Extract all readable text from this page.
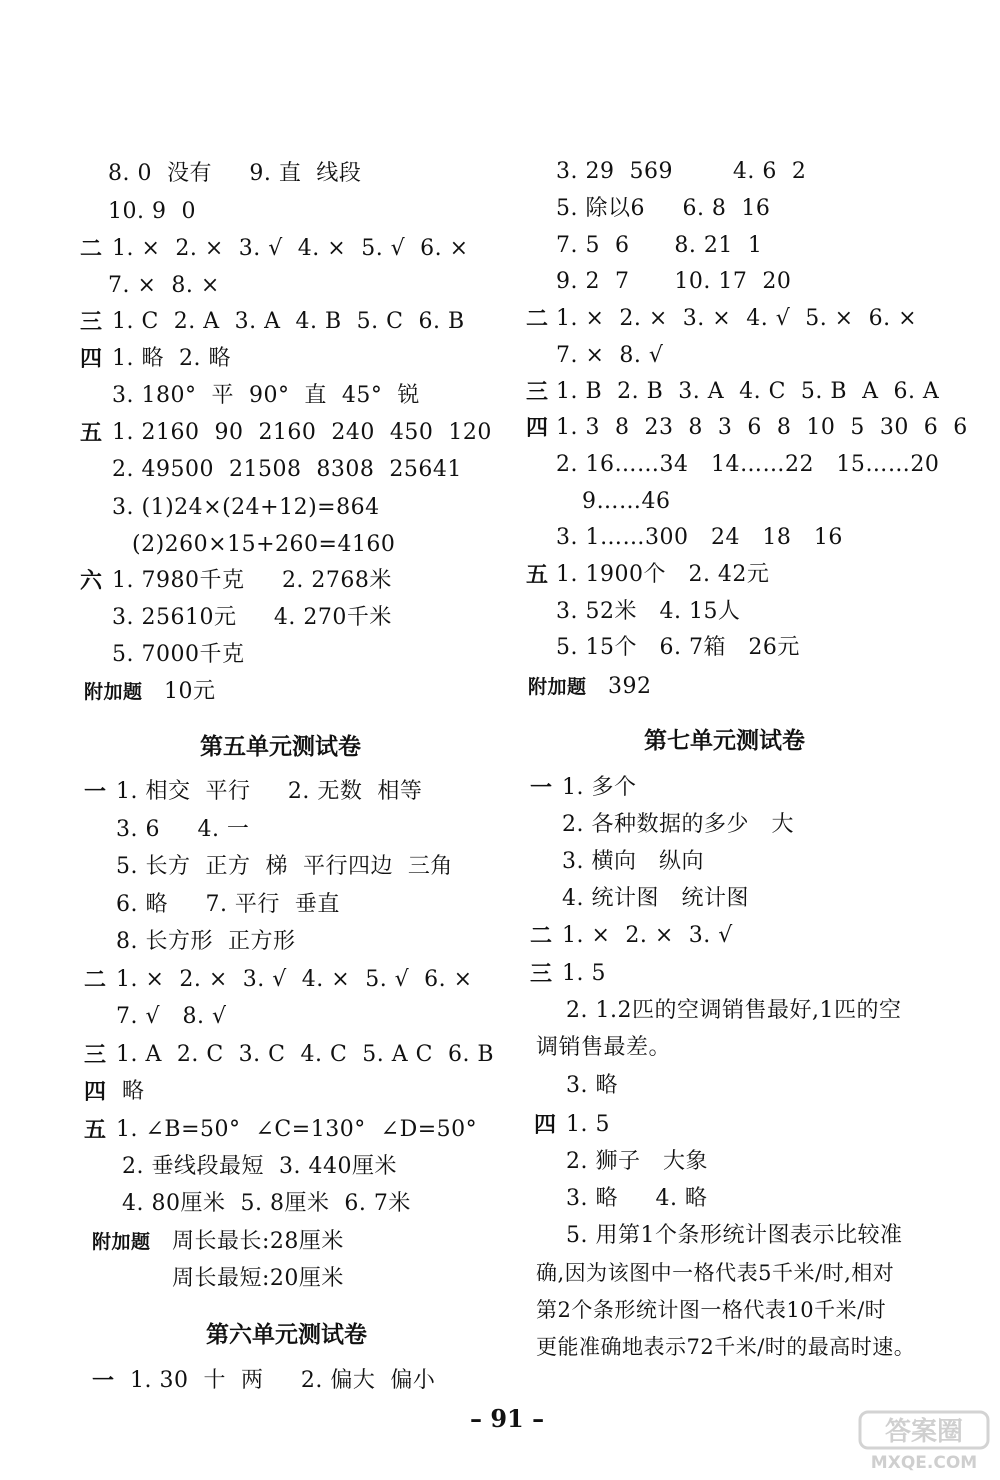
8. 0  没有     9. 直  线段
10. 9  0
二 1. ×  2. ×  3. √  4. ×  5. √  6. ×
7. ×  8. ×
三 1. C  2. A  3. A  4. B  5. C  6. B
四 1. 略  2. 略
3. 180°  平  90°  直  45°  锐
五 1. 2160  90  2160  240  450  120
2. 49500  21508  8308  25641
3. (1)24×(24+12)=864
(2)260×15+260=4160
六 1. 7980千克     2. 2768米
3. 25610元     4. 270千米
5. 7000千克
附加题 10元
第五单元测试卷
一 1. 相交  平行     2. 无数  相等
3. 6     4. 一
5. 长方  正方  梯  平行四边  三角
6. 略     7. 平行  垂直
8. 长方形  正方形
二 1. ×  2. ×  3. √  4. ×  5. √  6. ×
7. √   8. √
三 1. A  2. C  3. C  4. C  5. A C  6. B
四 略
五 1. ∠B=50°  ∠C=130°  ∠D=50°
2. 垂线段最短  3. 440厘米
4. 80厘米  5. 8厘米  6. 7米
附加题 周长最长:28厘米
周长最短:20厘米
第六单元测试卷
一 1. 30  十  两     2. 偏大  偏小
3. 29  569        4. 6  2
5. 除以6     6. 8  16
7. 5  6      8. 21  1
9. 2  7      10. 17  20
二 1. ×  2. ×  3. ×  4. √  5. ×  6. ×
7. ×  8. √
三 1. B  2. B  3. A  4. C  5. B  A  6. A
四 1. 3  8  23  8  3  6  8  10  5  30  6  6
2. 16……34   14……22   15……20
9……46
3. 1……300   24   18   16
五 1. 1900个   2. 42元
3. 52米   4. 15人
5. 15个   6. 7箱   26元
附加题 392
第七单元测试卷
一 1. 多个
2. 各种数据的多少   大
3. 横向   纵向
4. 统计图   统计图
二 1. ×  2. ×  3. √
三 1. 5
2. 1.2匹的空调销售最好,1匹的空
调销售最差。
3. 略
四 1. 5
2. 狮子   大象
3. 略     4. 略
5. 用第1个条形统计图表示比较准
确,因为该图中一格代表5千米/时,相对
第2个条形统计图一格代表10千米/时
更能准确地表示72千米/时的最高时速。
– 91 –	答案圈
MXQE.COM
